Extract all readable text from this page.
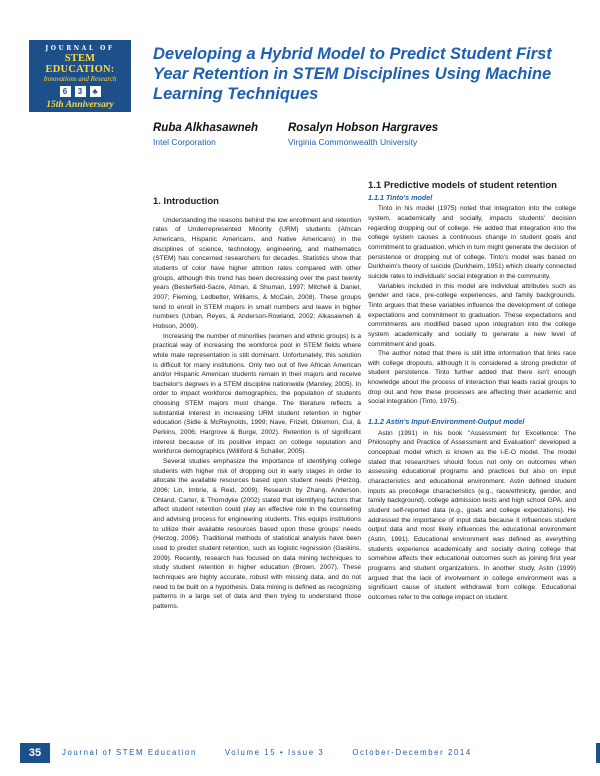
JOURNAL OF
STEM EDUCATION:
Innovations and Research
6	3	♣
15th Anniversary
Developing a Hybrid Model to Predict Student First Year Retention in STEM Disciplines Using Machine Learning Techniques
Ruba Alkhasawneh
Intel Corporation
Rosalyn Hobson Hargraves
Virginia Commonwealth University
1. Introduction

Understanding the reasons behind the low enrollment and retention rates of Underrepresented Minority (URM) students (African Americans, Hispanic Americans, and Native Americans) in the disciplines of science, technology, engineering, and mathematics (STEM) has concerned researchers for decades. Statistics show that students of color have higher attrition rates compared with other groups, although this trend has been decreasing over the past twenty years (Besterfield-Sacre, Atman, & Shuman, 1997; Mitchell & Daniel, 2007; Fleming, Ledbetter, Williams, & McCain, 2008). These groups tend to enroll in STEM majors in small numbers and leave in higher numbers (Urban, Reyes, & Anderson-Rowland, 2002; Alkasawneh & Hobson, 2009).

Increasing the number of minorities (women and ethnic groups) is a practical way of increasing the workforce pool in STEM fields where white male representation is still dominant. Unfortunately, this solution is difficult for many institutions. Only two out of five African American and/or Hispanic American students remain in their majors and receive bachelor's degrees in a STEM discipline nationwide (Marxley, 2005). In order to impact workforce demographics, the population of students choosing STEM majors must change. The literature reflects a substantial interest in increasing URM student retention in higher education (Sidle & McReynolds, 1999; Nave, Frizell, Obiomon, Cui, & Perkins, 2006; Hargrove & Burge, 2002). Retention is of significant interest because of its positive impact on college reputation and workforce demographics (Williford & Schaller, 2005).

Several studies emphasize the importance of identifying college students with higher risk of dropping out in early stages in order to allocate the available resources based upon student needs (Herzog, 2006; Lin, Imbrie, & Reid, 2009). Research by Zhang, Anderson, Ohland, Carter, & Thorndyke (2002) stated that identifying factors that affect student retention could play an effective role in the counseling and advising process for engineering students. This equips institutions to utilize their available resources based upon those groups' needs (Herzog, 2006). Traditional methods of statistical analysis have been used to predict student retention, such as logistic regression (Gaskins, 2009). Recently, research has focused on data mining techniques to study student retention in higher education (Brown, 2007). These techniques are highly accurate, robust with missing data, and do not need to be built on a hypothesis. Data mining is defined as recognizing patterns in a large set of data and then trying to understand those patterns.

1.1 Predictive models of student retention
1.1.1 Tinto's model

Tinto in his model (1975) noted that integration into the college system, academically and socially, impacts students' decision regarding dropping out of college. He added that integration into the college system causes a continuous change in student goals and commitment to graduation, which in turn might generate the decision of persistence or dropping out of college. Tinto's model was based on Durkheim's theory of suicide (Durkheim, 1951) which clearly connected suicide rates to individuals' social integration in the community.

Variables included in this model are individual attributes such as gender and race, pre-college experiences, and family backgrounds. Tinto argues that these variables influence the development of college expectations and commitment to graduation. These expectations and commitments are modified based upon integration into the college system academically and socially to generate a new level of commitment and goals.

The author noted that there is still little information that links race with college dropouts, although it is considered a strong predictor of student persistence. Tinto further added that there isn't enough knowledge about the process of interaction that leads racial groups to drop out and how these processes are affecting their academic and social integration (Tinto, 1975).

1.1.2 Astin's Input-Environment-Output model

Astin (1991) in his book "Assessment for Excellence: The Philosophy and Practice of Assessment and Evaluation" developed a conceptual model which is known as the I-E-O model. The model stated that researchers should focus not only on outcomes when assessing educational programs and practices but also on input characteristics and educational environment. Astin defined student inputs as precollege characteristics (e.g., race/ethnicity, gender, and family background), college admission tests and high school GPA, and student self-reported data (e.g., goals and college expectations). He addressed the importance of input data because it influences student output data and most likely influences the educational environment (Astin, 1991). Educational environment was defined as everything students experience academically and socially during college that somehow affects their educational outcomes such as joining first year programs and student organizations. In another study, Astin (1999) argued that the lack of involvement in college environment was a significant cause of student withdrawal from college. Educational outcomes refer to the college impact on student.

35	Journal of STEM Education	Volume 15 • Issue 3	October-December 2014
